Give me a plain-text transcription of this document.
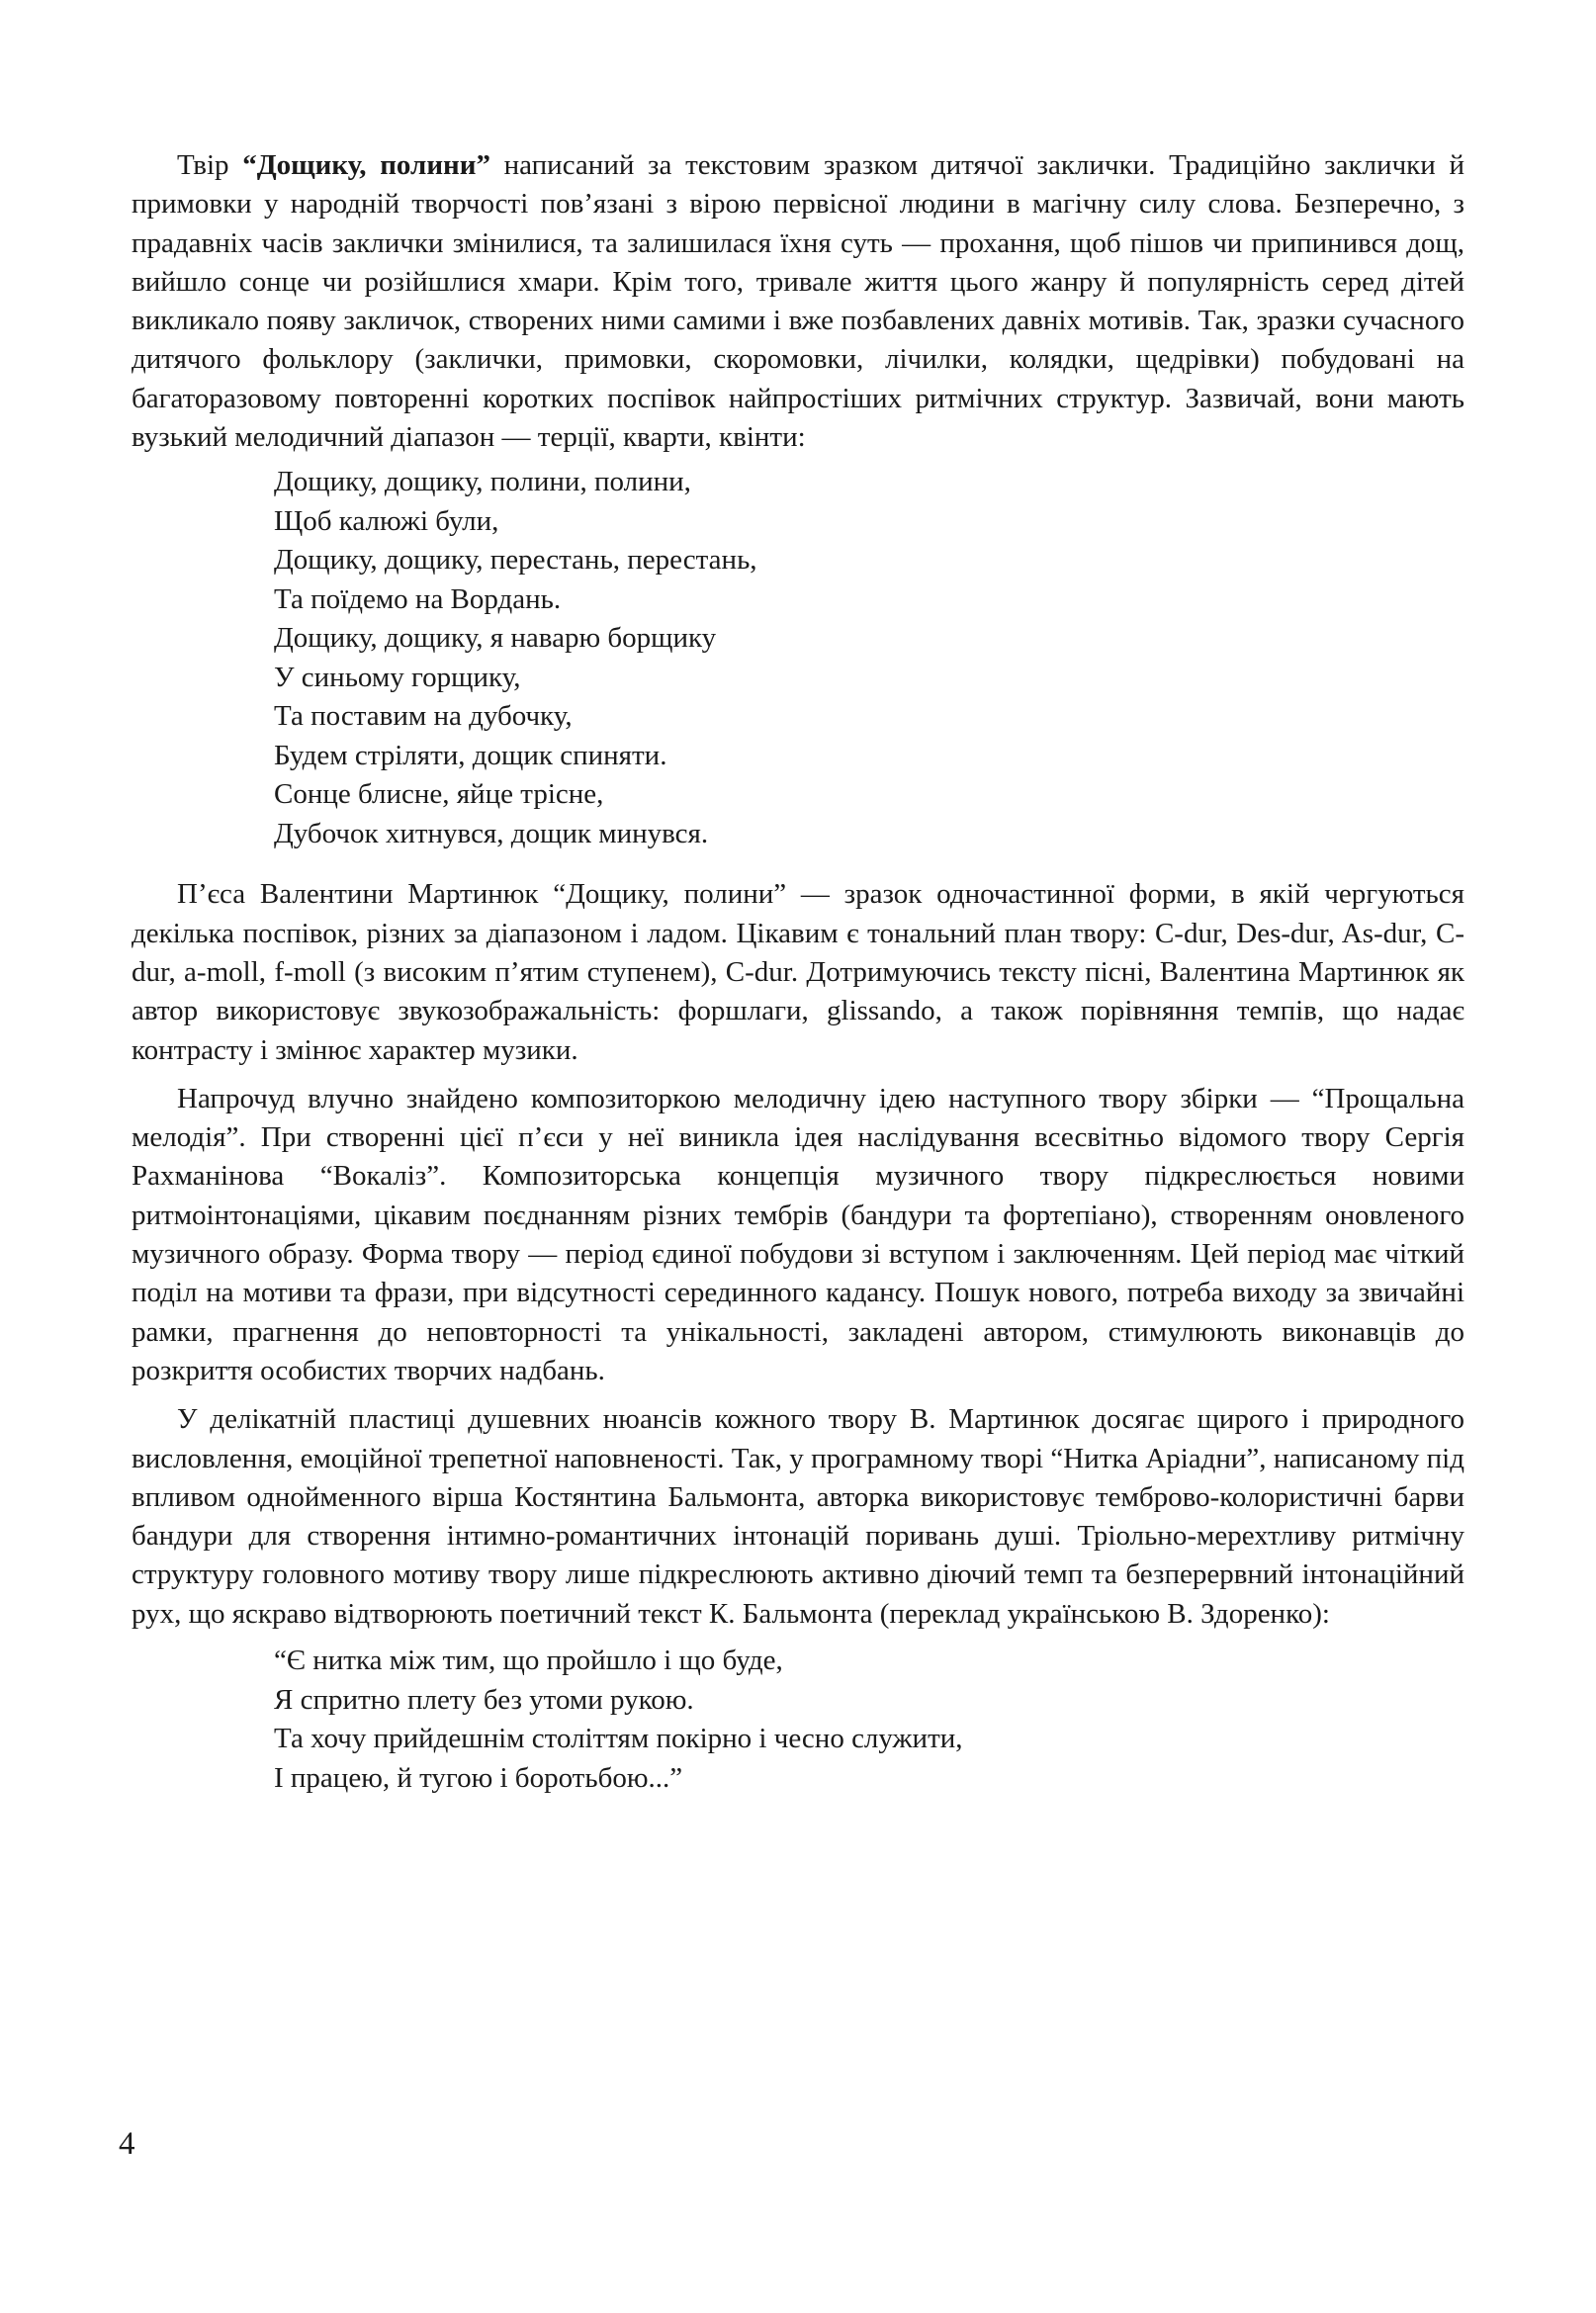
Твір “Дощику, полини” написаний за текстовим зразком дитячої заклички. Традиційно заклички й примовки у народній творчості пов’язані з вірою первісної людини в магічну силу слова. Безперечно, з прадавніх часів заклички змінилися, та залишилася їхня суть — прохання, щоб пішов чи припинився дощ, вийшло сонце чи розійшлися хмари. Крім того, тривале життя цього жанру й популярність серед дітей викликало появу закличок, створених ними самими і вже позбавлених давніх мотивів. Так, зразки сучасного дитячого фольклору (заклички, примовки, скоромовки, лічилки, колядки, щедрівки) побудовані на багаторазовому повторенні коротких поспівок найпростіших ритмічних структур. Зазвичай, вони мають вузький мелодичний діапазон — терції, кварти, квінти:

Дощику, дощику, полини, полини,
Щоб калюжі були,
Дощику, дощику, перестань, перестань,
Та поїдемо на Вордань.
Дощику, дощику, я наварю борщику
У синьому горщику,
Та поставим на дубочку,
Будем стріляти, дощик спиняти.
Сонце блисне, яйце трісне,
Дубочок хитнувся, дощик минувся.

П’єса Валентини Мартинюк “Дощику, полини” — зразок одночастинної форми, в якій чергуються декілька поспівок, різних за діапазоном і ладом. Цікавим є тональний план твору: C-dur, Des-dur, As-dur, C-dur, a-moll, f-moll (з високим п’ятим ступенем), C-dur. Дотримуючись тексту пісні, Валентина Мартинюк як автор використовує звукозображальність: форшлаги, glissando, а також порівняння темпів, що надає контрасту і змінює характер музики.

Напрочуд влучно знайдено композиторкою мелодичну ідею наступного твору збірки — “Прощальна мелодія”. При створенні цієї п’єси у неї виникла ідея наслідування всесвітньо відомого твору Сергія Рахманінова “Вокаліз”. Композиторська концепція музичного твору підкреслюється новими ритмоінтонаціями, цікавим поєднанням різних тембрів (бандури та фортепіано), створенням оновленого музичного образу. Форма твору — період єдиної побудови зі вступом і заключенням. Цей період має чіткий поділ на мотиви та фрази, при відсутності серединного кадансу. Пошук нового, потреба виходу за звичайні рамки, прагнення до неповторності та унікальності, закладені автором, стимулюють виконавців до розкриття особистих творчих надбань.

У делікатній пластиці душевних нюансів кожного твору В. Мартинюк досягає щирого і природного висловлення, емоційної трепетної наповненості. Так, у програмному творі “Нитка Аріадни”, написаному під впливом однойменного вірша Костянтина Бальмонта, авторка використовує темброво-колористичні барви бандури для створення інтимно-романтичних інтонацій поривань душі. Тріольно-мерехтливу ритмічну структуру головного мотиву твору лише підкреслюють активно діючий темп та безперервний інтонаційний рух, що яскраво відтворюють поетичний текст К. Бальмонта (переклад українською В. Здоренко):

“Є нитка між тим, що пройшло і що буде,
Я спритно плету без утоми рукою.
Та хочу прийдешнім століттям покірно і чесно служити,
І працею, й тугою і боротьбою...”
4
